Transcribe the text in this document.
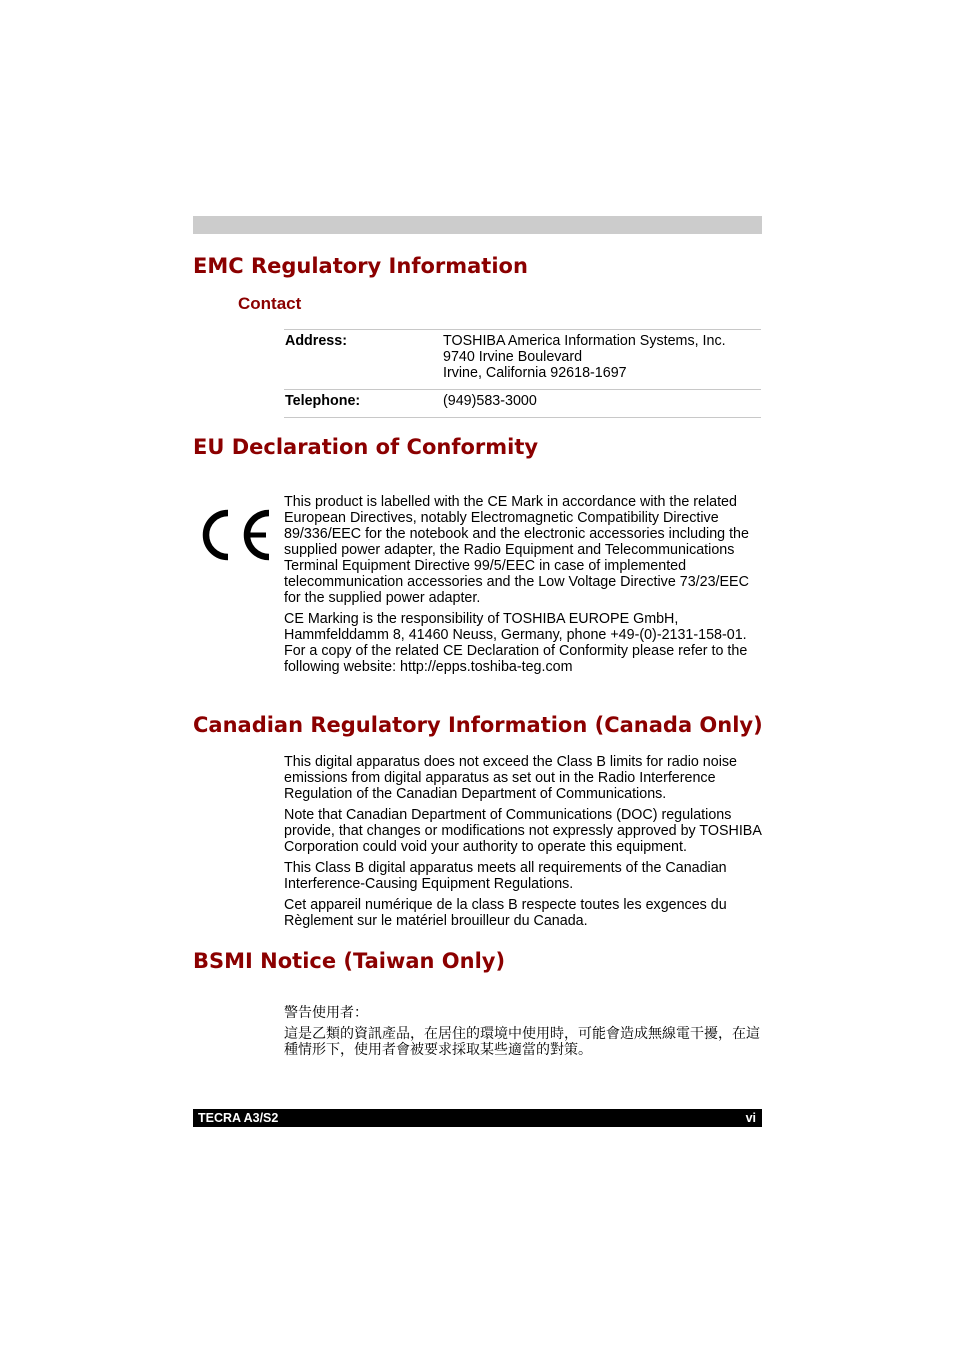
EMC Regulatory Information
Contact
Address:	TOSHIBA America Information Systems, Inc.
9740 Irvine Boulevard
Irvine, California 92618-1697
Telephone:	(949)583-3000
EU Declaration of Conformity

This product is labelled with the CE Mark in accordance with the related European Directives, notably Electromagnetic Compatibility Directive 89/336/EEC for the notebook and the electronic accessories including the supplied power adapter, the Radio Equipment and Telecommunications Terminal Equipment Directive 99/5/EEC in case of implemented telecommunication accessories and the Low Voltage Directive 73/23/EEC for the supplied power adapter.

CE Marking is the responsibility of TOSHIBA EUROPE GmbH, Hammfelddamm 8, 41460 Neuss, Germany, phone +49-(0)-2131-158-01. For a copy of the related CE Declaration of Conformity please refer to the following website: http://epps.toshiba-teg.com

Canadian Regulatory Information (Canada Only)

This digital apparatus does not exceed the Class B limits for radio noise emissions from digital apparatus as set out in the Radio Interference Regulation of the Canadian Department of Communications.

Note that Canadian Department of Communications (DOC) regulations provide, that changes or modifications not expressly approved by TOSHIBA Corporation could void your authority to operate this equipment.

This Class B digital apparatus meets all requirements of the Canadian Interference-Causing Equipment Regulations.

Cet appareil numérique de la class B respecte toutes les exgences du Règlement sur le matériel brouilleur du Canada.

BSMI Notice (Taiwan Only)

警告使用者：

這是乙類的資訊產品，在居住的環境中使用時，可能會造成無線電干擾，在這種情形下，使用者會被要求採取某些適當的對策。

TECRA A3/S2	vi
